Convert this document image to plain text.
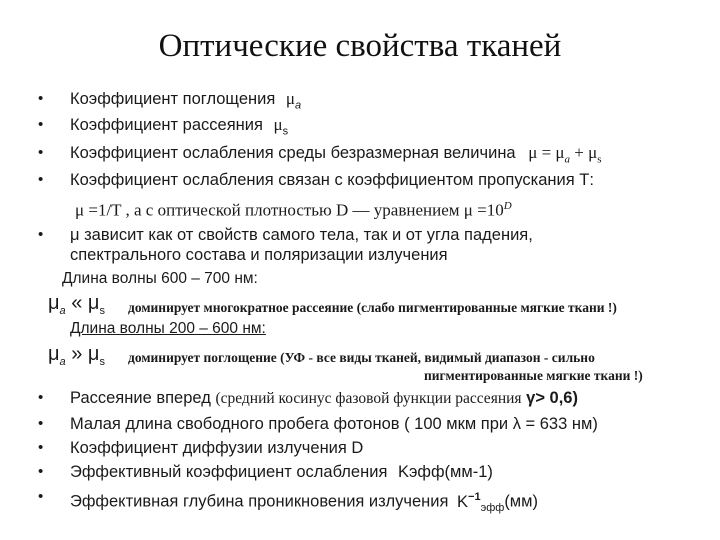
Оптические свойства тканей
• Коэффициент поглощения $\mu_a$
• Коэффициент рассеяния $\mu_s$
• Коэффициент ослабления среды безразмерная величина $\mu = \mu_a + \mu_s$
• Коэффициент ослабления связан с коэффициентом пропускания Т:
μ =1/T , а с оптической плотностью D — уравнением $\mu =10^D$
• μ зависит как от свойств самого тела, так и от угла падения,
спектрального состава и поляризации излучения
Длина волны 600 – 700 нм:
$\mu_a$ « $\mu_s$ доминирует многократное рассеяние (слабо пигментированные мягкие ткани !)
Длина волны 200 – 600 нм:
$\mu_a$ » $\mu_s$ доминирует поглощение (УФ - все виды тканей, видимый диапазон - сильно
пигментированные мягкие ткани !)
• Рассеяние вперед (средний косинус фазовой функции рассеяния γ> 0,6)
• Малая длина свободного пробега фотонов ( 100 мкм при λ = 633 нм)
• Коэффициент диффузии излучения D
• Эффективный коэффициент ослабления Kэфф(мм-1)
• Эффективная глубина проникновения излучения $K^{-1}_{эфф}(мм)$
